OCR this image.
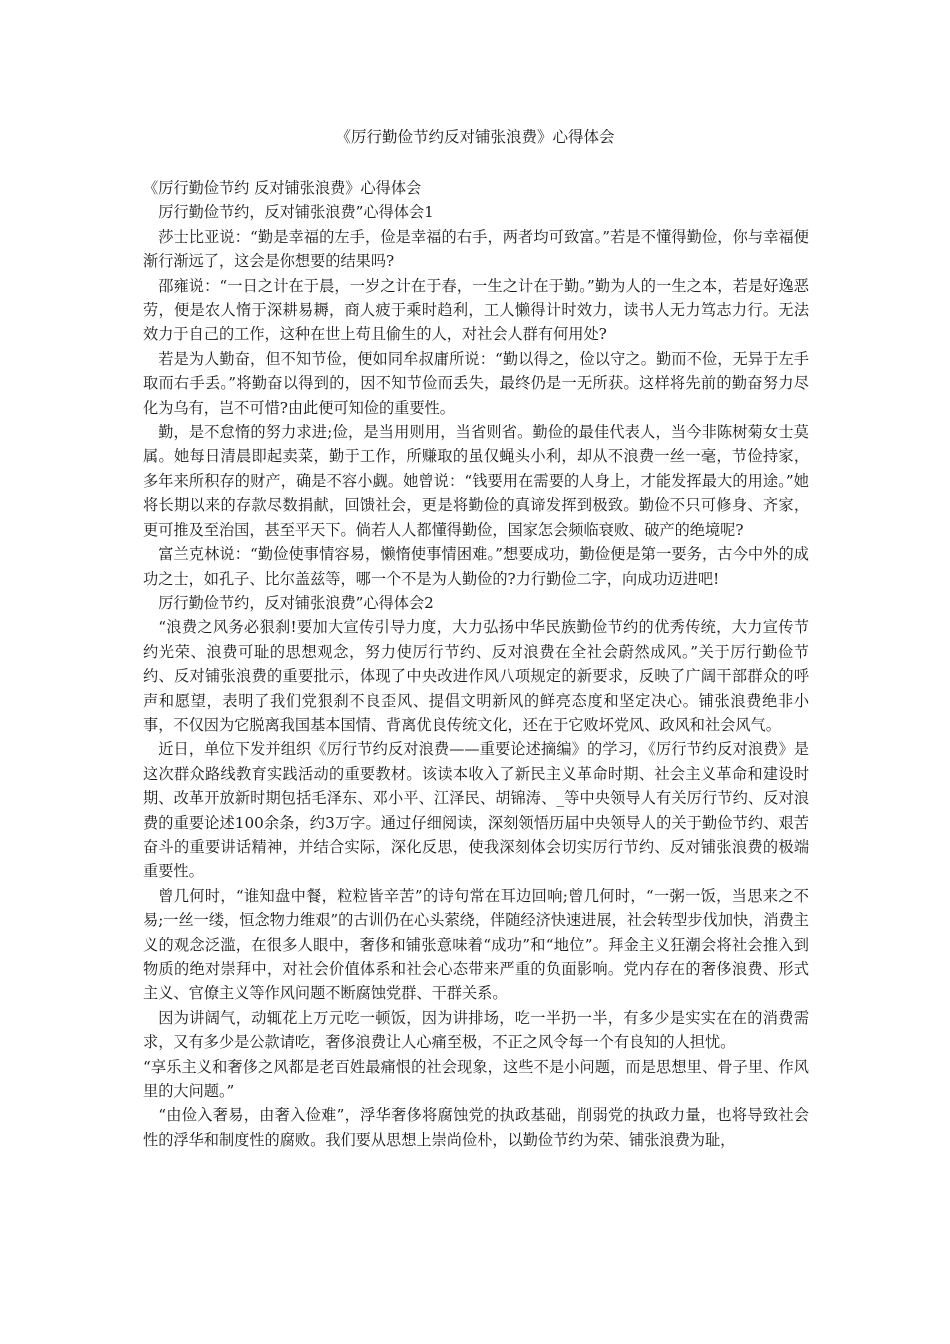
《厉行勤俭节约反对铺张浪费》心得体会

《厉行勤俭节约 反对铺张浪费》心得体会

厉行勤俭节约，反对铺张浪费”心得体会1

莎士比亚说：“勤是幸福的左手，俭是幸福的右手，两者均可致富。”若是不懂得勤俭，你与幸福便渐行渐远了，这会是你想要的结果吗?

邵雍说：“一日之计在于晨，一岁之计在于春，一生之计在于勤。”勤为人的一生之本，若是好逸恶劳，便是农人惰于深耕易耨，商人疲于乘时趋利，工人懒得计时效力，读书人无力笃志力行。无法效力于自己的工作，这种在世上苟且偷生的人，对社会人群有何用处?

若是为人勤奋，但不知节俭，便如同牟叔庸所说：“勤以得之，俭以守之。勤而不俭，无异于左手取而右手丢。”将勤奋以得到的，因不知节俭而丢失，最终仍是一无所获。这样将先前的勤奋努力尽化为乌有，岂不可惜?由此便可知俭的重要性。

勤，是不怠惰的努力求进;俭，是当用则用，当省则省。勤俭的最佳代表人，当今非陈树菊女士莫属。她每日清晨即起卖菜，勤于工作，所赚取的虽仅蝇头小利，却从不浪费一丝一毫，节俭持家，多年来所积存的财产，确是不容小觑。她曾说：“钱要用在需要的人身上，才能发挥最大的用途。”她将长期以来的存款尽数捐献，回馈社会，更是将勤俭的真谛发挥到极致。勤俭不只可修身、齐家，更可推及至治国，甚至平天下。倘若人人都懂得勤俭，国家怎会频临衰败、破产的绝境呢?

富兰克林说：“勤俭使事情容易，懒惰使事情困难。”想要成功，勤俭便是第一要务，古今中外的成功之士，如孔子、比尔盖兹等，哪一个不是为人勤俭的?力行勤俭二字，向成功迈进吧!

厉行勤俭节约，反对铺张浪费”心得体会2

“浪费之风务必狠刹!要加大宣传引导力度，大力弘扬中华民族勤俭节约的优秀传统，大力宣传节约光荣、浪费可耻的思想观念，努力使厉行节约、反对浪费在全社会蔚然成风。”关于厉行勤俭节约、反对铺张浪费的重要批示，体现了中央改进作风八项规定的新要求，反映了广阔干部群众的呼声和愿望，表明了我们党狠刹不良歪风、提倡文明新风的鲜亮态度和坚定决心。铺张浪费绝非小事，不仅因为它脱离我国基本国情、背离优良传统文化，还在于它败坏党风、政风和社会风气。

近日，单位下发并组织《厉行节约反对浪费——重要论述摘编》的学习，《厉行节约反对浪费》是这次群众路线教育实践活动的重要教材。该读本收入了新民主义革命时期、社会主义革命和建设时期、改革开放新时期包括毛泽东、邓小平、江泽民、胡锦涛、_等中央领导人有关厉行节约、反对浪费的重要论述100余条，约3万字。通过仔细阅读，深刻领悟历届中央领导人的关于勤俭节约、艰苦奋斗的重要讲话精神，并结合实际，深化反思，使我深刻体会切实厉行节约、反对铺张浪费的极端重要性。

曾几何时，“谁知盘中餐，粒粒皆辛苦”的诗句常在耳边回响;曾几何时，“一粥一饭，当思来之不易;一丝一缕，恒念物力维艰”的古训仍在心头萦绕，伴随经济快速进展，社会转型步伐加快，消费主义的观念泛滥，在很多人眼中，奢侈和铺张意味着“成功”和“地位”。拜金主义狂潮会将社会推入到物质的绝对崇拜中，对社会价值体系和社会心态带来严重的负面影响。党内存在的奢侈浪费、形式主义、官僚主义等作风问题不断腐蚀党群、干群关系。

因为讲阔气，动辄花上万元吃一顿饭，因为讲排场，吃一半扔一半，有多少是实实在在的消费需求，又有多少是公款请吃，奢侈浪费让人心痛至极，不正之风令每一个有良知的人担忧。

“享乐主义和奢侈之风都是老百姓最痛恨的社会现象，这些不是小问题，而是思想里、骨子里、作风里的大问题。”

“由俭入奢易，由奢入俭难”，浮华奢侈将腐蚀党的执政基础，削弱党的执政力量，也将导致社会性的浮华和制度性的腐败。我们要从思想上崇尚俭朴，以勤俭节约为荣、铺张浪费为耻，
